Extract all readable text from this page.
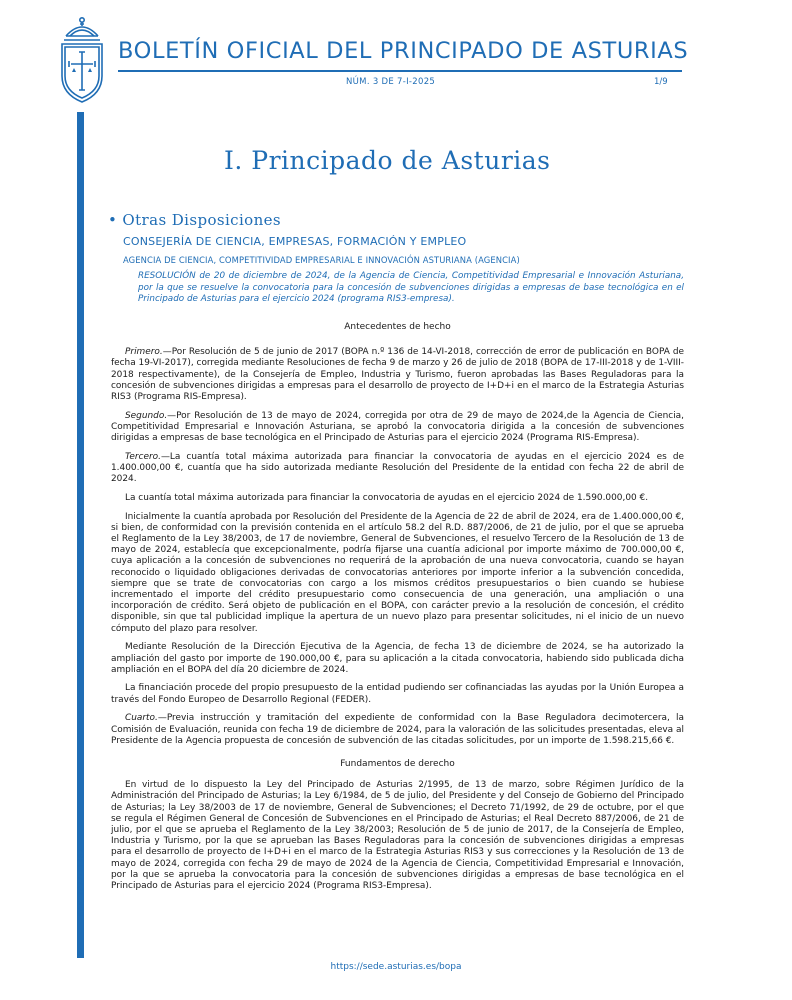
Cód. 2024-11362
BOLETÍN OFICIAL DEL PRINCIPADO DE ASTURIAS
NÚM. 3 DE 7-I-2025	1/9
I. Principado de Asturias
• Otras Disposiciones
CONSEJERÍA DE CIENCIA, EMPRESAS, FORMACIÓN Y EMPLEO
AGENCIA DE CIENCIA, COMPETITIVIDAD EMPRESARIAL E INNOVACIÓN ASTURIANA (AGENCIA)
RESOLUCIÓN de 20 de diciembre de 2024, de la Agencia de Ciencia, Competitividad Empresarial e Innovación Asturiana, por la que se resuelve la convocatoria para la concesión de subvenciones dirigidas a empresas de base tecnológica en el Principado de Asturias para el ejercicio 2024 (programa RIS3-empresa).
Antecedentes de hecho

Primero.—Por Resolución de 5 de junio de 2017 (BOPA n.º 136 de 14-VI-2018, corrección de error de publicación en BOPA de fecha 19-VI-2017), corregida mediante Resoluciones de fecha 9 de marzo y 26 de julio de 2018 (BOPA de 17-III-2018 y de 1-VIII-2018 respectivamente), de la Consejería de Empleo, Industria y Turismo, fueron aprobadas las Bases Reguladoras para la concesión de subvenciones dirigidas a empresas para el desarrollo de proyecto de I+D+i en el marco de la Estrategia Asturias RIS3 (Programa RIS-Empresa).

Segundo.—Por Resolución de 13 de mayo de 2024, corregida por otra de 29 de mayo de 2024,de la Agencia de Ciencia, Competitividad Empresarial e Innovación Asturiana, se aprobó la convocatoria dirigida a la concesión de subvenciones dirigidas a empresas de base tecnológica en el Principado de Asturias para el ejercicio 2024 (Programa RIS-Empresa).

Tercero.—La cuantía total máxima autorizada para financiar la convocatoria de ayudas en el ejercicio 2024 es de 1.400.000,00 €, cuantía que ha sido autorizada mediante Resolución del Presidente de la entidad con fecha 22 de abril de 2024.

La cuantía total máxima autorizada para financiar la convocatoria de ayudas en el ejercicio 2024 de 1.590.000,00 €.

Inicialmente la cuantía aprobada por Resolución del Presidente de la Agencia de 22 de abril de 2024, era de 1.400.000,00 €, si bien, de conformidad con la previsión contenida en el artículo 58.2 del R.D. 887/2006, de 21 de julio, por el que se aprueba el Reglamento de la Ley 38/2003, de 17 de noviembre, General de Subvenciones, el resuelvo Tercero de la Resolución de 13 de mayo de 2024, establecía que excepcionalmente, podría fijarse una cuantía adicional por importe máximo de 700.000,00 €, cuya aplicación a la concesión de subvenciones no requerirá de la aprobación de una nueva convocatoria, cuando se hayan reconocido o liquidado obligaciones derivadas de convocatorias anteriores por importe inferior a la subvención concedida, siempre que se trate de convocatorias con cargo a los mismos créditos presupuestarios o bien cuando se hubiese incrementado el importe del crédito presupuestario como consecuencia de una generación, una ampliación o una incorporación de crédito. Será objeto de publicación en el BOPA, con carácter previo a la resolución de concesión, el crédito disponible, sin que tal publicidad implique la apertura de un nuevo plazo para presentar solicitudes, ni el inicio de un nuevo cómputo del plazo para resolver.

Mediante Resolución de la Dirección Ejecutiva de la Agencia, de fecha 13 de diciembre de 2024, se ha autorizado la ampliación del gasto por importe de 190.000,00 €, para su aplicación a la citada convocatoria, habiendo sido publicada dicha ampliación en el BOPA del día 20 diciembre de 2024.

La financiación procede del propio presupuesto de la entidad pudiendo ser cofinanciadas las ayudas por la Unión Europea a través del Fondo Europeo de Desarrollo Regional (FEDER).

Cuarto.—Previa instrucción y tramitación del expediente de conformidad con la Base Reguladora decimotercera, la Comisión de Evaluación, reunida con fecha 19 de diciembre de 2024, para la valoración de las solicitudes presentadas, eleva al Presidente de la Agencia propuesta de concesión de subvención de las citadas solicitudes, por un importe de 1.598.215,66 €.

Fundamentos de derecho

En virtud de lo dispuesto la Ley del Principado de Asturias 2/1995, de 13 de marzo, sobre Régimen Jurídico de la Administración del Principado de Asturias; la Ley 6/1984, de 5 de julio, del Presidente y del Consejo de Gobierno del Principado de Asturias; la Ley 38/2003 de 17 de noviembre, General de Subvenciones; el Decreto 71/1992, de 29 de octubre, por el que se regula el Régimen General de Concesión de Subvenciones en el Principado de Asturias; el Real Decreto 887/2006, de 21 de julio, por el que se aprueba el Reglamento de la Ley 38/2003; Resolución de 5 de junio de 2017, de la Consejería de Empleo, Industria y Turismo, por la que se aprueban las Bases Reguladoras para la concesión de subvenciones dirigidas a empresas para el desarrollo de proyecto de I+D+i en el marco de la Estrategia Asturias RIS3 y sus correcciones y la Resolución de 13 de mayo de 2024, corregida con fecha 29 de mayo de 2024 de la Agencia de Ciencia, Competitividad Empresarial e Innovación, por la que se aprueba la convocatoria para la concesión de subvenciones dirigidas a empresas de base tecnológica en el Principado de Asturias para el ejercicio 2024 (Programa RIS3-Empresa).

https://sede.asturias.es/bopa
